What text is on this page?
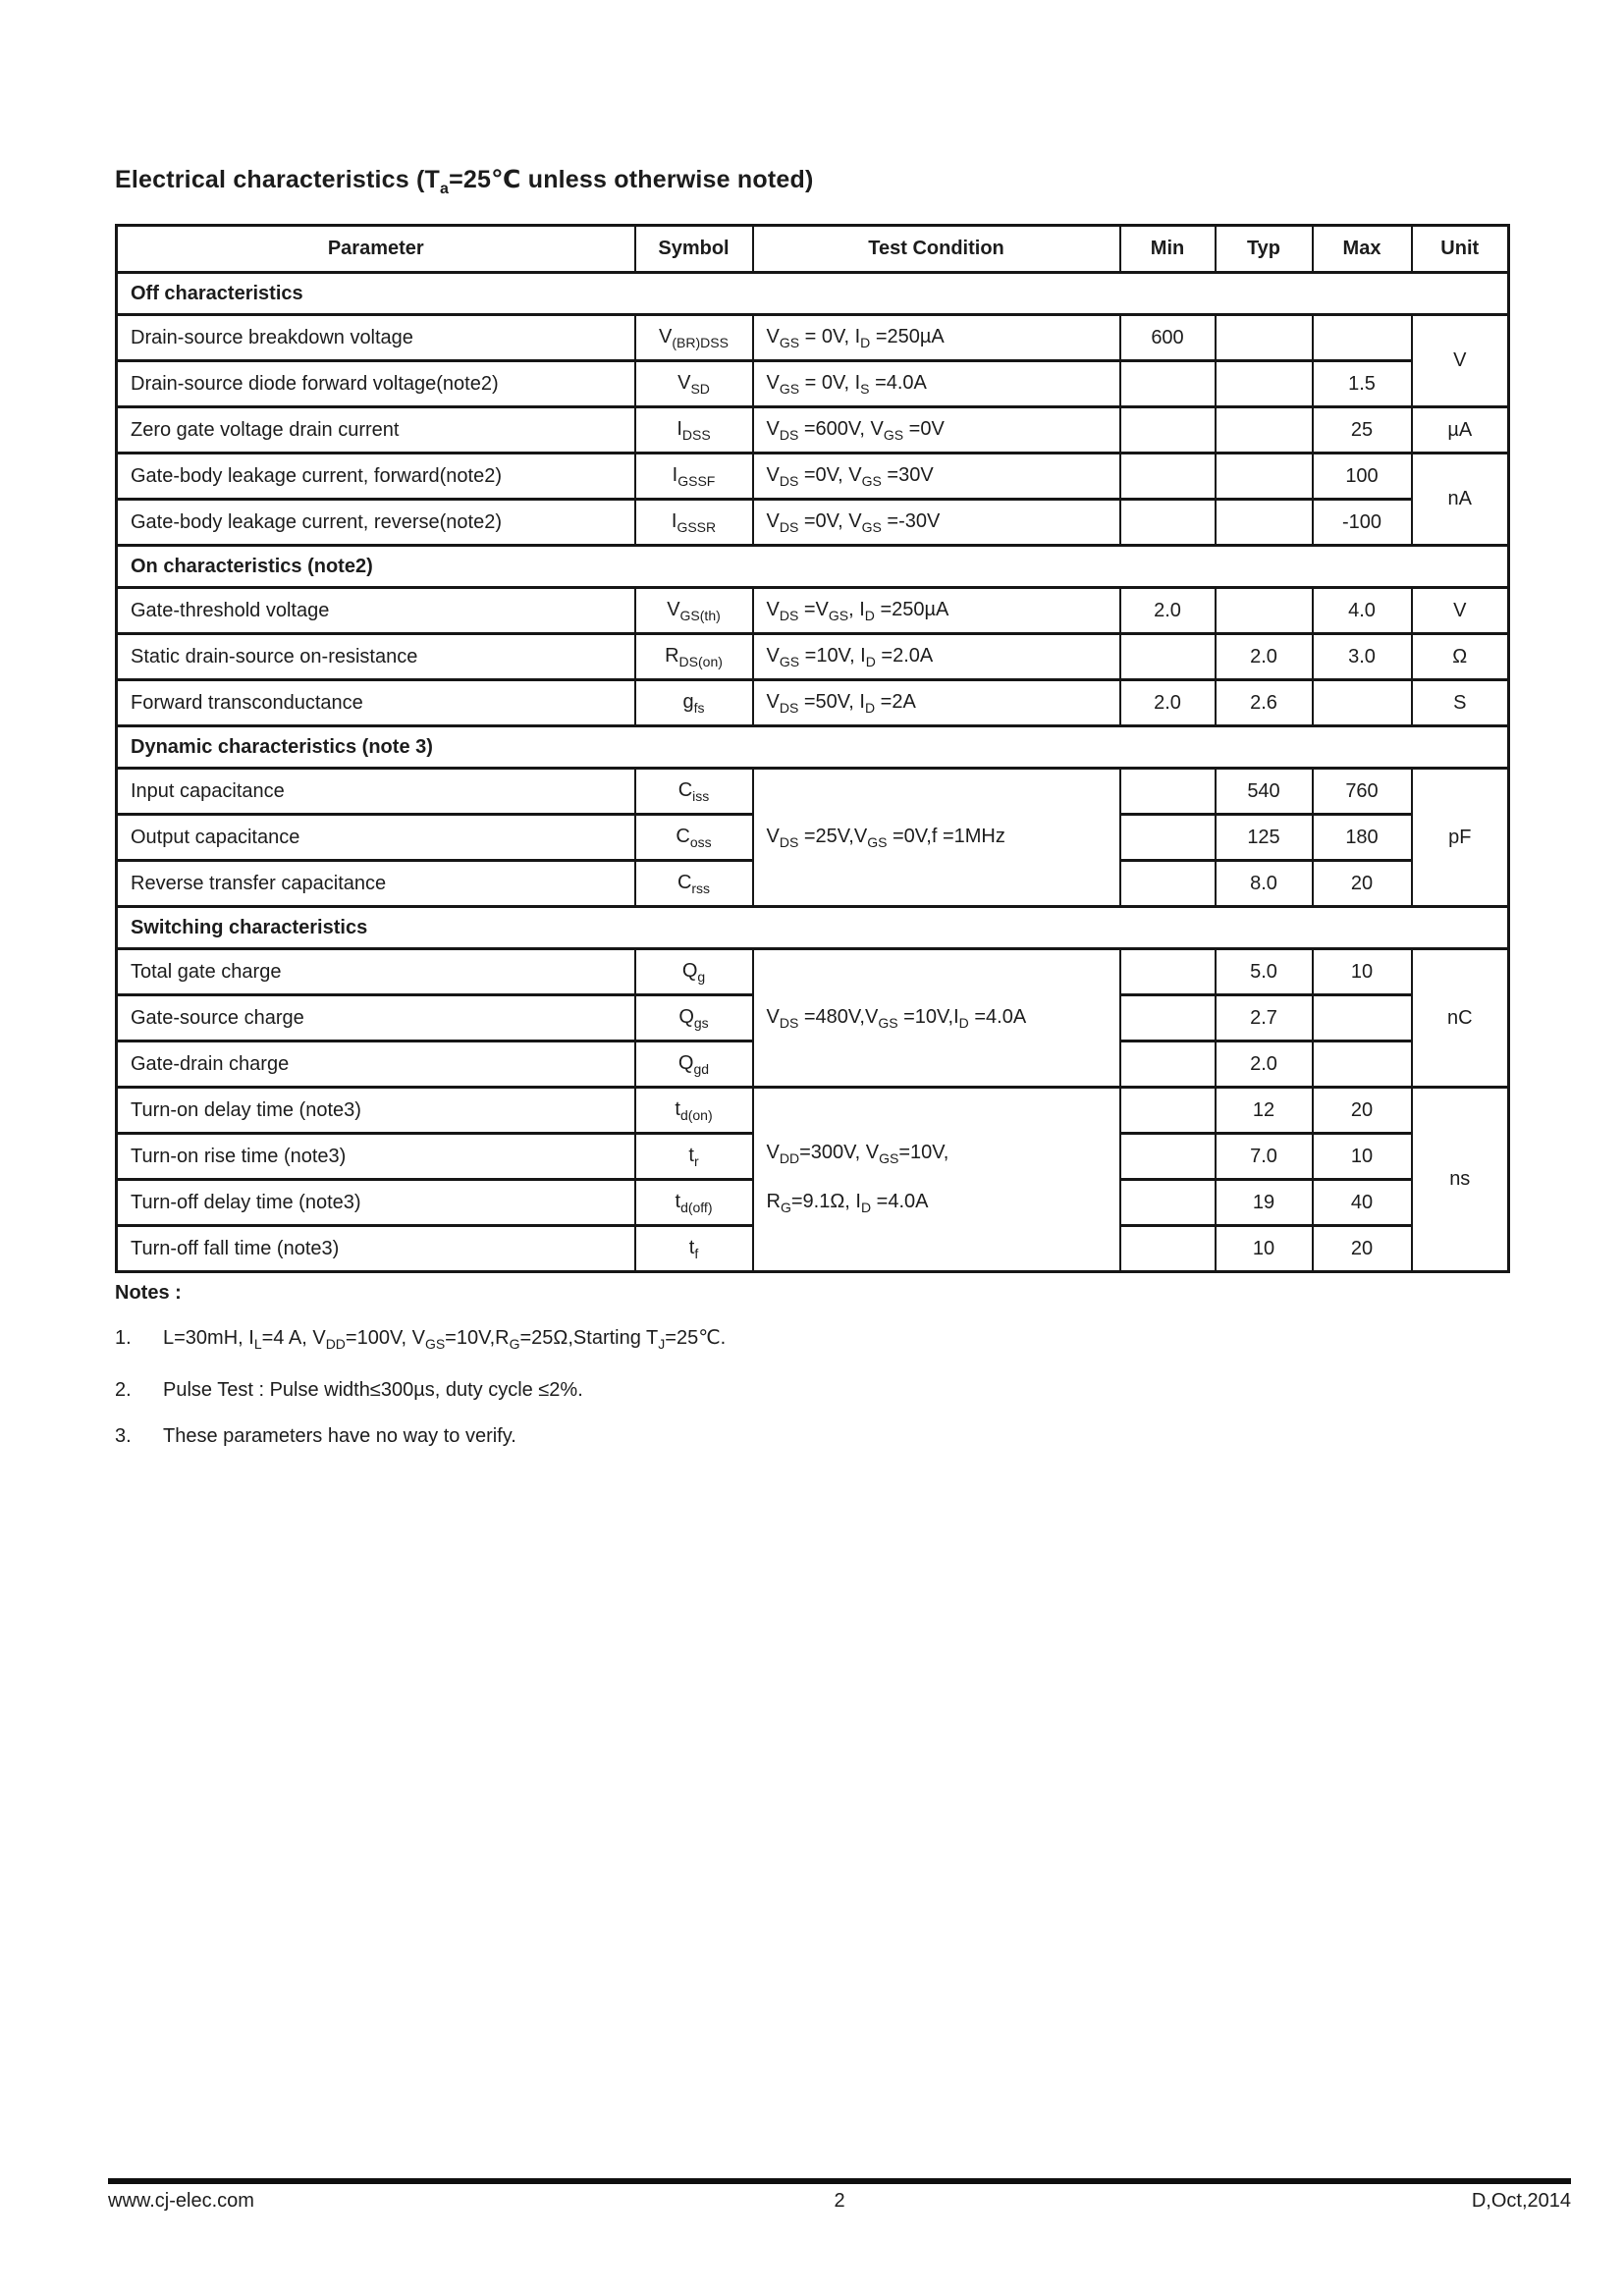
Electrical characteristics ($T_a=25℃$ unless otherwise noted)
Parameter	Symbol	Test Condition	Min	Typ	Max	Unit
Off characteristics						
Drain-source breakdown voltage	$V_{(BR)DSS}$	$V_{GS} = 0V$, $I_D =250\mu A$	600			V
Drain-source diode forward voltage(note2)	$V_{SD}$	$V_{GS} = 0V$, $I_S =4.0A$			1.5	
Zero gate voltage drain current	$I_{DSS}$	$V_{DS} =600V$, $V_{GS} =0V$			25	µA
Gate-body leakage current, forward(note2)	$I_{GSSF}$	$V_{DS} =0V$, $V_{GS} =30V$			100	nA
Gate-body leakage current, reverse(note2)	$I_{GSSR}$	$V_{DS} =0V$, $V_{GS} =-30V$			-100	
On characteristics (note2)						
Gate-threshold voltage	$V_{GS(th)}$	$V_{DS} =V_{GS}$, $I_D =250\mu A$	2.0		4.0	V
Static drain-source on-resistance	$R_{DS(on)}$	$V_{GS} =10V$, $I_D =2.0A$		2.0	3.0	Ω
Forward transconductance	$g_{fs}$	$V_{DS} =50V$, $I_D =2A$	2.0	2.6		S
Dynamic characteristics (note 3)						
Input capacitance	$C_{iss}$	$V_{DS} =25V,V_{GS} =0V,f =1MHz$		540	760	pF
Output capacitance	$C_{oss}$			125	180	
Reverse transfer capacitance	$C_{rss}$			8.0	20	
Switching characteristics						
Total gate charge	$Q_g$	$V_{DS} =480V,V_{GS} =10V,I_D =4.0A$		5.0	10	nC
Gate-source charge	$Q_{gs}$			2.7		
Gate-drain charge	$Q_{gd}$			2.0		
Turn-on delay time (note3)	$t_{d(on)}$	$V_{DD}=300V$, $V_{GS}=10V$,
$R_G=9.1\Omega$, $I_D =4.0A$		12	20	ns
Turn-on rise time (note3)	$t_r$			7.0	10	
Turn-off delay time (note3)	$t_{d(off)}$			19	40	
Turn-off fall time (note3)	$t_f$			10	20	
Notes :
1.	L=30mH, $I_L=4$ A, $V_{DD}=100V$, $V_{GS}=10V,R_G=25\Omega,Starting$ $T_J=25℃$.
2.	Pulse Test : Pulse width≤300µs, duty cycle ≤2%.
3.	These parameters have no way to verify.
www.cj-elec.com	2	D,Oct,2014
